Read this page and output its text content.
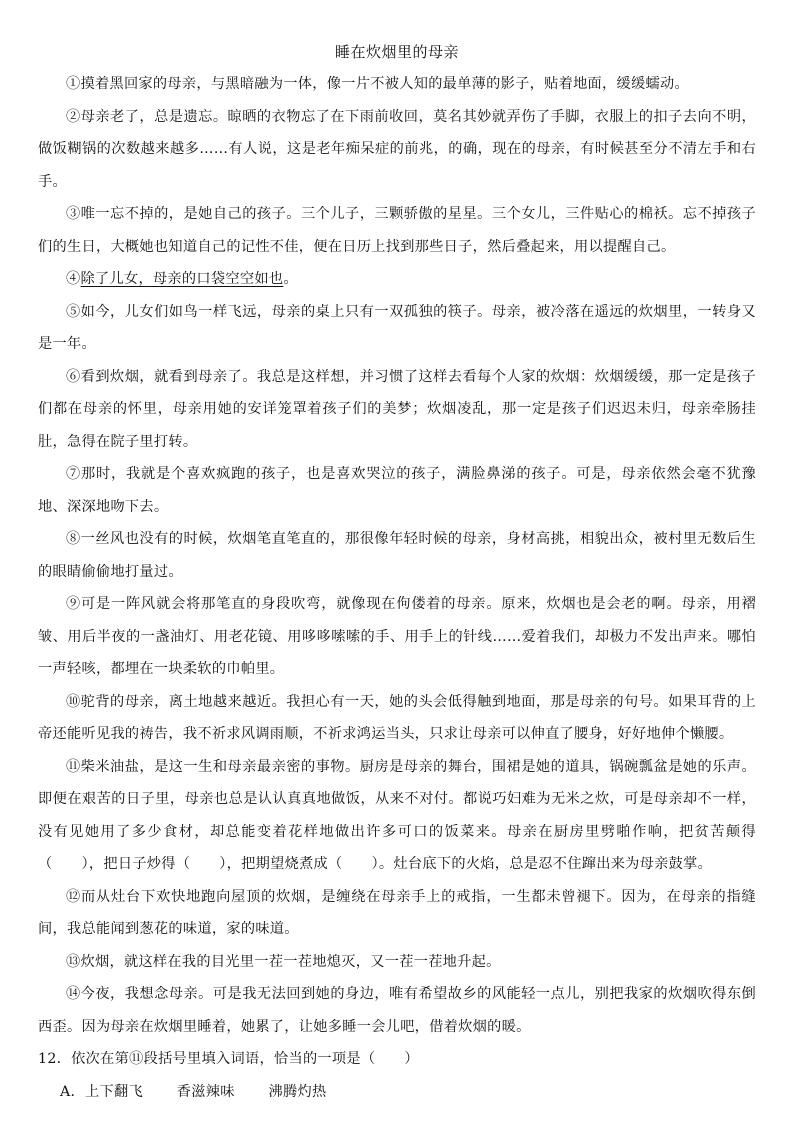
睡在炊烟里的母亲

①摸着黑回家的母亲，与黑暗融为一体，像一片不被人知的最单薄的影子，贴着地面，缓缓蠕动。

②母亲老了，总是遗忘。晾晒的衣物忘了在下雨前收回，莫名其妙就弄伤了手脚，衣服上的扣子去向不明，做饭糊锅的次数越来越多……有人说，这是老年痴呆症的前兆，的确，现在的母亲，有时候甚至分不清左手和右手。

③唯一忘不掉的，是她自己的孩子。三个儿子，三颗骄傲的星星。三个女儿，三件贴心的棉袄。忘不掉孩子们的生日，大概她也知道自己的记性不佳，便在日历上找到那些日子，然后叠起来，用以提醒自己。

④除了儿女，母亲的口袋空空如也。

⑤如今，儿女们如鸟一样飞远，母亲的桌上只有一双孤独的筷子。母亲，被冷落在遥远的炊烟里，一转身又是一年。

⑥看到炊烟，就看到母亲了。我总是这样想，并习惯了这样去看每个人家的炊烟：炊烟缓缓，那一定是孩子们都在母亲的怀里，母亲用她的安详笼罩着孩子们的美梦；炊烟凌乱，那一定是孩子们迟迟未归，母亲牵肠挂肚，急得在院子里打转。

⑦那时，我就是个喜欢疯跑的孩子，也是喜欢哭泣的孩子，满脸鼻涕的孩子。可是，母亲依然会毫不犹豫地、深深地吻下去。

⑧一丝风也没有的时候，炊烟笔直笔直的，那很像年轻时候的母亲，身材高挑，相貌出众，被村里无数后生的眼睛偷偷地打量过。

⑨可是一阵风就会将那笔直的身段吹弯，就像现在佝偻着的母亲。原来，炊烟也是会老的啊。母亲，用褶皱、用后半夜的一盏油灯、用老花镜、用哆哆嗦嗦的手、用手上的针线……爱着我们，却极力不发出声来。哪怕一声轻咳，都埋在一块柔软的巾帕里。

⑩驼背的母亲，离土地越来越近。我担心有一天，她的头会低得触到地面，那是母亲的句号。如果耳背的上帝还能听见我的祷告，我不祈求风调雨顺，不祈求鸿运当头，只求让母亲可以伸直了腰身，好好地伸个懒腰。

⑪柴米油盐，是这一生和母亲最亲密的事物。厨房是母亲的舞台，围裙是她的道具，锅碗瓢盆是她的乐声。即便在艰苦的日子里，母亲也总是认认真真地做饭，从来不对付。都说巧妇难为无米之炊，可是母亲却不一样，没有见她用了多少食材，却总能变着花样地做出许多可口的饭菜来。母亲在厨房里劈啪作响，把贫苦颠得（　　），把日子炒得（　　），把期望烧煮成（　　）。灶台底下的火焰，总是忍不住蹿出来为母亲鼓掌。

⑫而从灶台下欢快地跑向屋顶的炊烟，是缠绕在母亲手上的戒指，一生都未曾褪下。因为，在母亲的指缝间，我总能闻到葱花的味道，家的味道。

⑬炊烟，就这样在我的目光里一茬一茬地熄灭，又一茬一茬地升起。

⑭今夜，我想念母亲。可是我无法回到她的身边，唯有希望故乡的风能轻一点儿，别把我家的炊烟吹得东倒西歪。因为母亲在炊烟里睡着，她累了，让她多睡一会儿吧，借着炊烟的暖。

12．依次在第⑪段括号里填入词语，恰当的一项是（　　）

A．上下翻飞　　 香滋辣味　　 沸腾灼热
